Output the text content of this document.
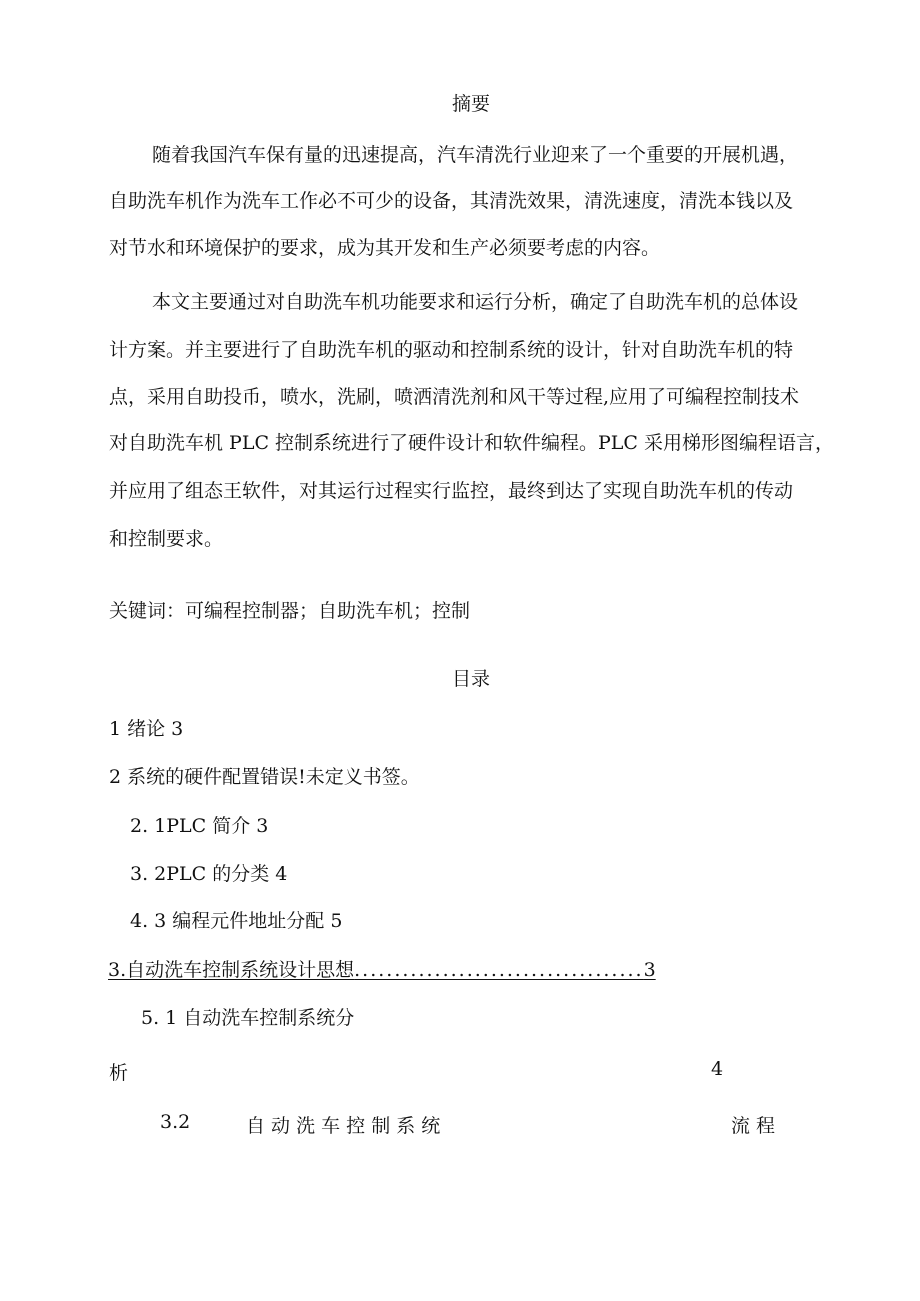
摘要
随着我国汽车保有量的迅速提高，汽车清洗行业迎来了一个重要的开展机遇，
自助洗车机作为洗车工作必不可少的设备，其清洗效果，清洗速度，清洗本钱以及
对节水和环境保护的要求，成为其开发和生产必须要考虑的内容。
本文主要通过对自助洗车机功能要求和运行分析，确定了自助洗车机的总体设
计方案。并主要进行了自助洗车机的驱动和控制系统的设计，针对自助洗车机的特
点，采用自助投币，喷水，洗刷，喷洒清洗剂和风干等过程,应用了可编程控制技术
对自助洗车机 PLC 控制系统进行了硬件设计和软件编程。PLC 采用梯形图编程语言，
并应用了组态王软件，对其运行过程实行监控，最终到达了实现自助洗车机的传动
和控制要求。
关键词：可编程控制器；自助洗车机；控制
目录
1 绪论 3
2 系统的硬件配置错误!未定义书签。
2. 1PLC 简介 3
3. 2PLC 的分类 4
4. 3 编程元件地址分配 5
3.自动洗车控制系统设计思想....................................3
5. 1 自动洗车控制系统分
析	4
3.2	自 动 洗 车 控 制 系 统	流 程
